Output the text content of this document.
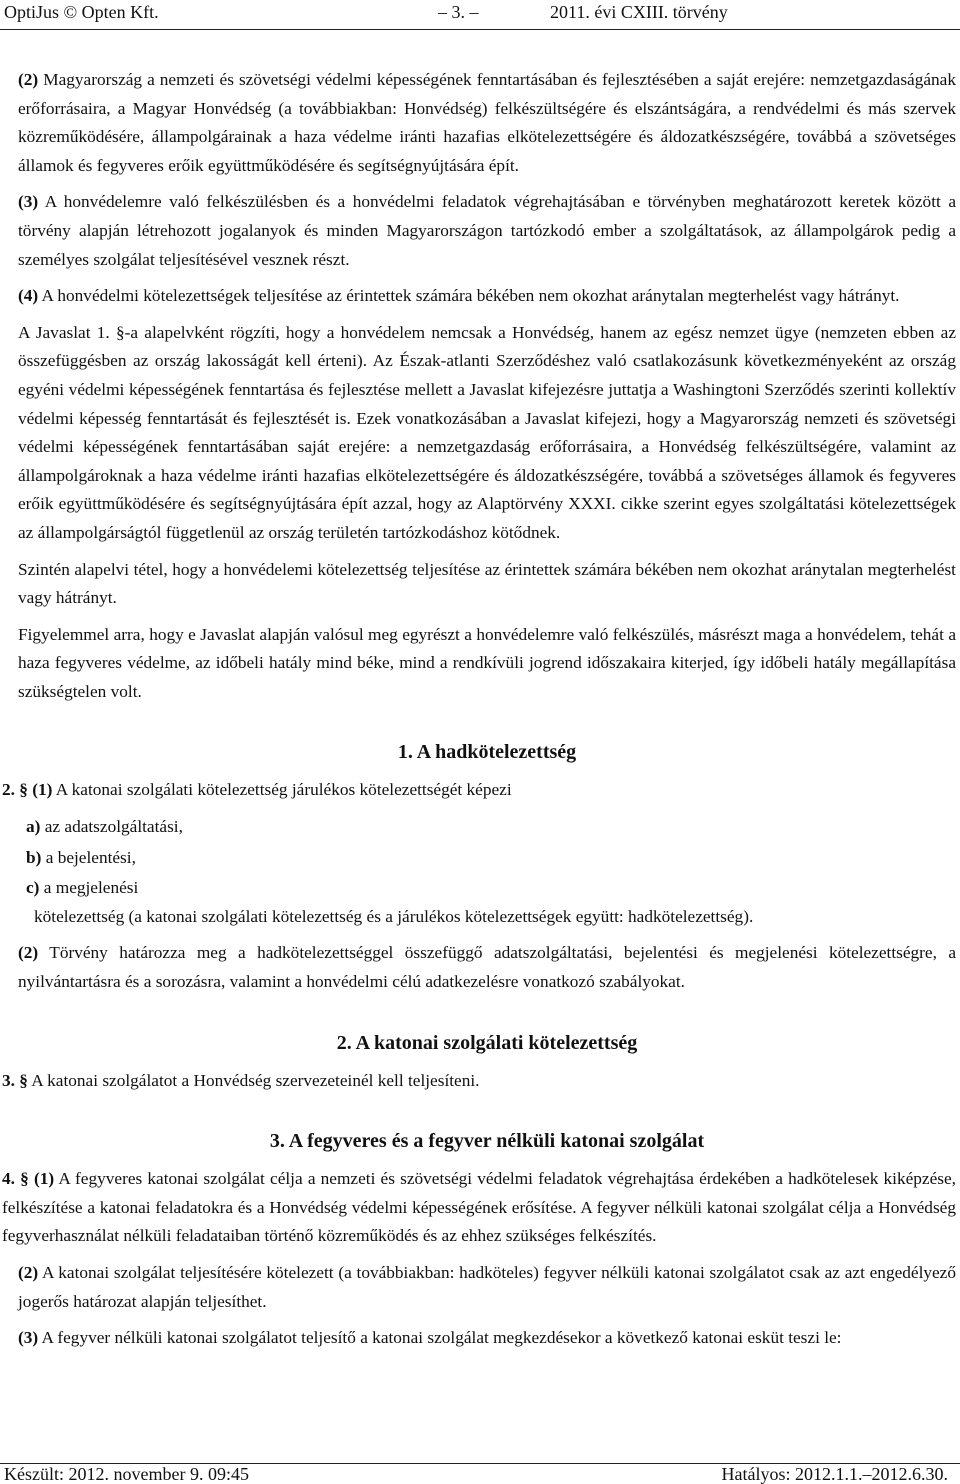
OptiJus © Opten Kft.	– 3. –	2011. évi CXIII. törvény

(2) Magyarország a nemzeti és szövetségi védelmi képességének fenntartásában és fejlesztésében a saját erejére: nemzetgazdaságának erőforrásaira, a Magyar Honvédség (a továbbiakban: Honvédség) felkészültségére és elszántságára, a rendvédelmi és más szervek közreműködésére, állampolgárainak a haza védelme iránti hazafias elkötelezettségére és áldozatkészségére, továbbá a szövetséges államok és fegyveres erőik együttműködésére és segítségnyújtására épít.

(3) A honvédelemre való felkészülésben és a honvédelmi feladatok végrehajtásában e törvényben meghatározott keretek között a törvény alapján létrehozott jogalanyok és minden Magyarországon tartózkodó ember a szolgáltatások, az állampolgárok pedig a személyes szolgálat teljesítésével vesznek részt.

(4) A honvédelmi kötelezettségek teljesítése az érintettek számára békében nem okozhat aránytalan megterhelést vagy hátrányt.

A Javaslat 1. §-a alapelvként rögzíti, hogy a honvédelem nemcsak a Honvédség, hanem az egész nemzet ügye (nemzeten ebben az összefüggésben az ország lakosságát kell érteni). Az Észak-atlanti Szerződéshez való csatlakozásunk következményeként az ország egyéni védelmi képességének fenntartása és fejlesztése mellett a Javaslat kifejezésre juttatja a Washingtoni Szerződés szerinti kollektív védelmi képesség fenntartását és fejlesztését is. Ezek vonatkozásában a Javaslat kifejezi, hogy a Magyarország nemzeti és szövetségi védelmi képességének fenntartásában saját erejére: a nemzetgazdaság erőforrásaira, a Honvédség felkészültségére, valamint az állampolgároknak a haza védelme iránti hazafias elkötelezettségére és áldozatkészségére, továbbá a szövetséges államok és fegyveres erőik együttműködésére és segítségnyújtására épít azzal, hogy az Alaptörvény XXXI. cikke szerint egyes szolgáltatási kötelezettségek az állampolgárságtól függetlenül az ország területén tartózkodáshoz kötődnek.

Szintén alapelvi tétel, hogy a honvédelemi kötelezettség teljesítése az érintettek számára békében nem okozhat aránytalan megterhelést vagy hátrányt.

Figyelemmel arra, hogy e Javaslat alapján valósul meg egyrészt a honvédelemre való felkészülés, másrészt maga a honvédelem, tehát a haza fegyveres védelme, az időbeli hatály mind béke, mind a rendkívüli jogrend időszakaira kiterjed, így időbeli hatály megállapítása szükségtelen volt.

1. A hadkötelezettség

2. § (1) A katonai szolgálati kötelezettség járulékos kötelezettségét képezi

a) az adatszolgáltatási,

b) a bejelentési,

c) a megjelenési

kötelezettség (a katonai szolgálati kötelezettség és a járulékos kötelezettségek együtt: hadkötelezettség).

(2) Törvény határozza meg a hadkötelezettséggel összefüggő adatszolgáltatási, bejelentési és megjelenési kötelezettségre, a nyilvántartásra és a sorozásra, valamint a honvédelmi célú adatkezelésre vonatkozó szabályokat.

2. A katonai szolgálati kötelezettség

3. § A katonai szolgálatot a Honvédség szervezeteinél kell teljesíteni.

3. A fegyveres és a fegyver nélküli katonai szolgálat

4. § (1) A fegyveres katonai szolgálat célja a nemzeti és szövetségi védelmi feladatok végrehajtása érdekében a hadkötelesek kiképzése, felkészítése a katonai feladatokra és a Honvédség védelmi képességének erősítése. A fegyver nélküli katonai szolgálat célja a Honvédség fegyverhasználat nélküli feladataiban történő közreműködés és az ehhez szükséges felkészítés.

(2) A katonai szolgálat teljesítésére kötelezett (a továbbiakban: hadköteles) fegyver nélküli katonai szolgálatot csak az azt engedélyező jogerős határozat alapján teljesíthet.

(3) A fegyver nélküli katonai szolgálatot teljesítő a katonai szolgálat megkezdésekor a következő katonai esküt teszi le:

Készült: 2012. november 9. 09:45	Hatályos: 2012.1.1.–2012.6.30.
